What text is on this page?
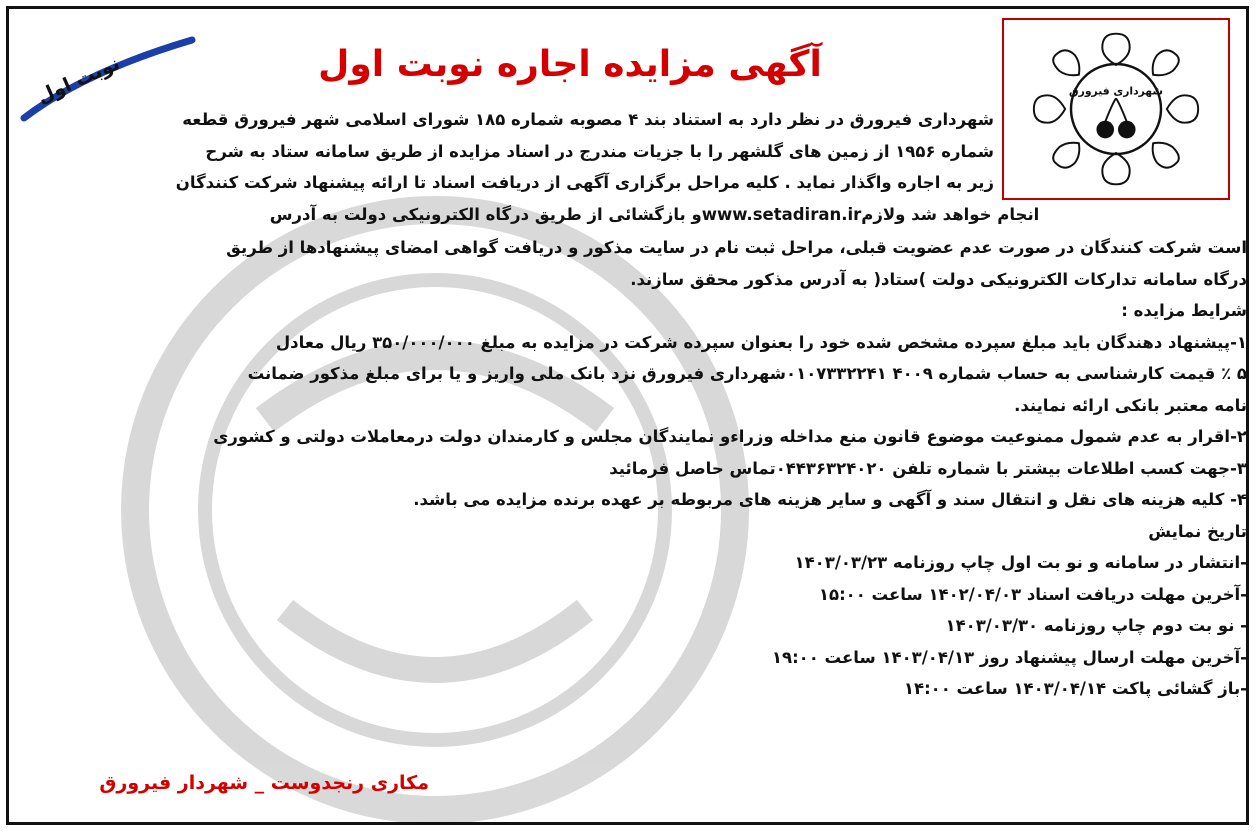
شهرداری فیرورق
نوبت اول	آگهی مزایده اجاره نوبت اول
شهرداری فیرورق در نظر دارد به استناد بند ۴ مصوبه شماره ۱۸۵ شورای اسلامی شهر فیرورق قطعه
شماره ۱۹۵۶ از زمین های گلشهر را با جزیات مندرج در اسناد مزایده از طریق سامانه ستاد به شرح
زیر به اجاره واگذار نماید . کلیه مراحل برگزاری آگهی از دریافت اسناد تا ارائه پیشنهاد شرکت کنندگان
و بازگشائی از طریق درگاه الکترونیکی دولت به آدرس www.setadiran.ir انجام خواهد شد ولازم
است شرکت کنندگان در صورت عدم عضویت قبلی، مراحل ثبت نام در سایت مذکور و دریافت گواهی امضای پیشنهادها از طریق
درگاه سامانه تدارکات الکترونیکی دولت )ستاد( به آدرس مذکور محقق سازند.
شرایط مزایده :
۱-پیشنهاد دهندگان باید مبلغ سپرده مشخص شده خود را بعنوان سپرده شرکت در مزایده به مبلغ ۳۵۰/۰۰۰/۰۰۰ ریال معادل
۵ ٪ قیمت کارشناسی به حساب شماره ۴۰۰۹ ۰۱۰۷۳۳۲۲۴۱شهرداری فیرورق نزد بانک ملی واریز و یا برای مبلغ مذکور ضمانت
نامه معتبر بانکی ارائه نمایند.
۲-اقرار به عدم شمول ممنوعیت موضوع قانون منع مداخله وزراءو نمایندگان مجلس و کارمندان دولت درمعاملات دولتی و کشوری
۳-جهت کسب اطلاعات بیشتر با شماره تلفن ۰۴۴۳۶۳۲۴۰۲۰تماس حاصل فرمائید
۴- کلیه هزینه های نقل و انتقال سند و آگهی و سایر هزینه های مربوطه بر عهده برنده مزایده می باشد.
تاریخ نمایش
-انتشار در سامانه و نو بت اول چاپ روزنامه ۱۴۰۳/۰۳/۲۳
-آخرین مهلت دریافت اسناد ۱۴۰۲/۰۴/۰۳ ساعت ۱۵:۰۰
- نو بت دوم چاپ روزنامه ۱۴۰۳/۰۳/۳۰
-آخرین مهلت ارسال پیشنهاد روز ۱۴۰۳/۰۴/۱۳ ساعت ۱۹:۰۰
-باز گشائی پاکت ۱۴۰۳/۰۴/۱۴ ساعت ۱۴:۰۰
مکاری رنجدوست _ شهردار فیرورق
